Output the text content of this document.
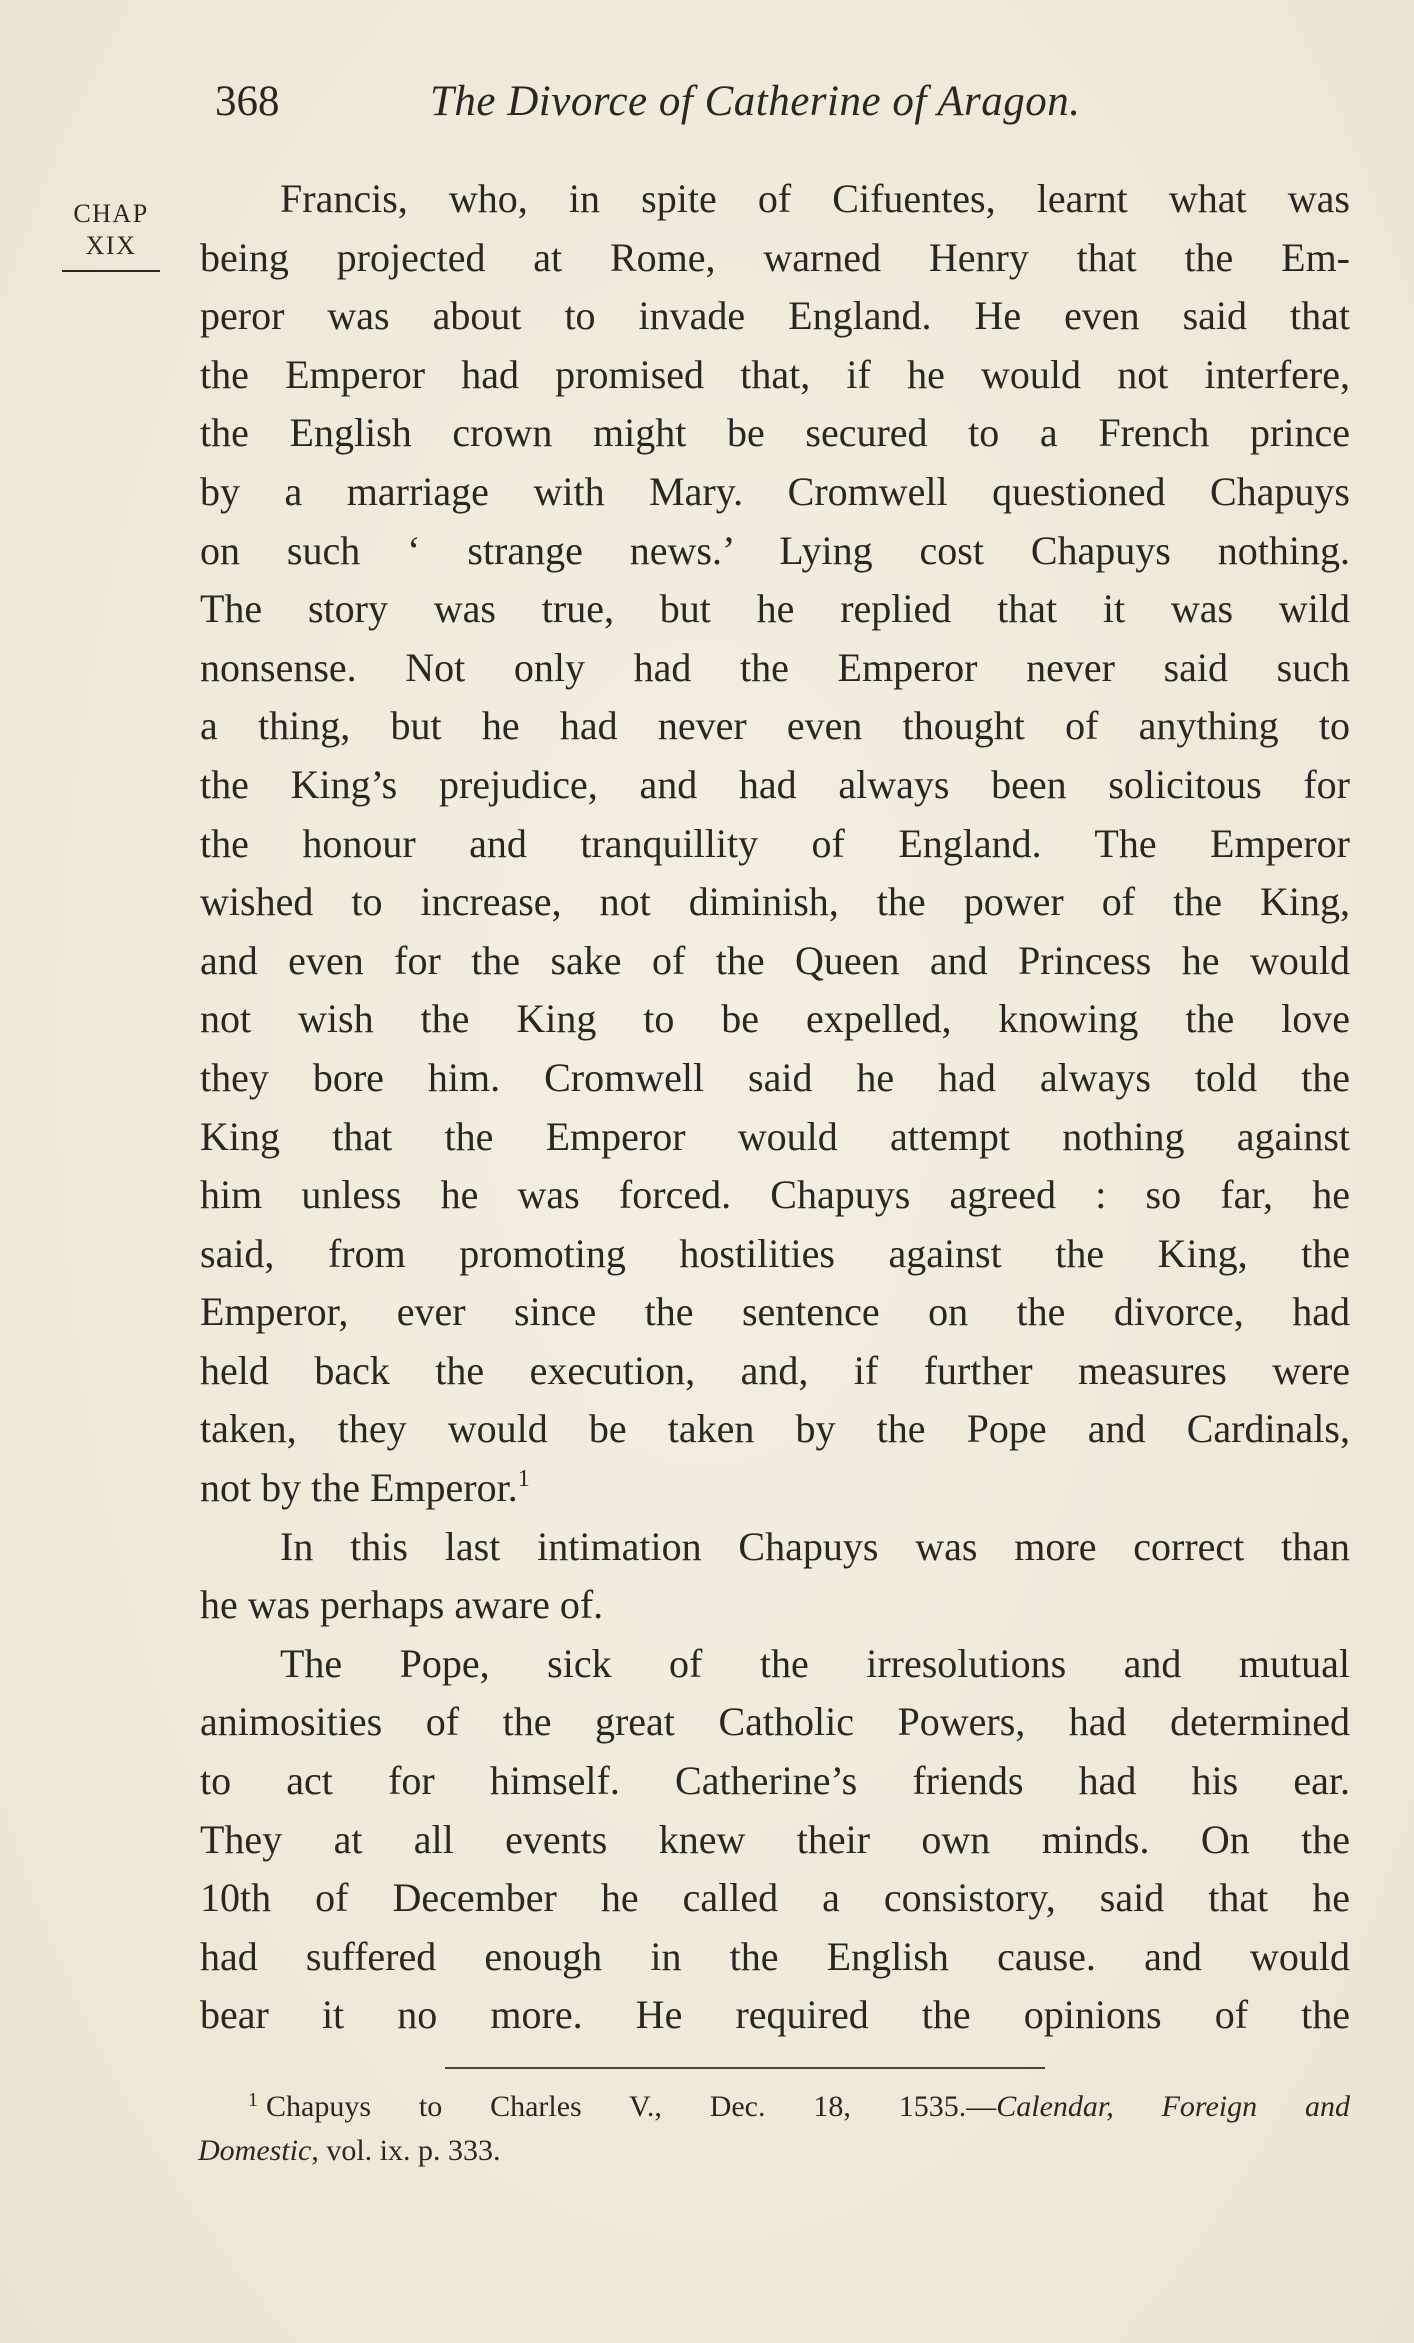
368	The Divorce of Catherine of Aragon.
CHAP
XIX
Francis, who, in spite of Cifuentes, learnt what was
being projected at Rome, warned Henry that the Em-
peror was about to invade England. He even said that
the Emperor had promised that, if he would not interfere,
the English crown might be secured to a French prince
by a marriage with Mary. Cromwell questioned Chapuys
on such ‘ strange news.’ Lying cost Chapuys nothing.
The story was true, but he replied that it was wild
nonsense. Not only had the Emperor never said such
a thing, but he had never even thought of anything to
the King’s prejudice, and had always been solicitous for
the honour and tranquillity of England. The Emperor
wished to increase, not diminish, the power of the King,
and even for the sake of the Queen and Princess he would
not wish the King to be expelled, knowing the love
they bore him. Cromwell said he had always told the
King that the Emperor would attempt nothing against
him unless he was forced. Chapuys agreed : so far, he
said, from promoting hostilities against the King, the
Emperor, ever since the sentence on the divorce, had
held back the execution, and, if further measures were
taken, they would be taken by the Pope and Cardinals,
not by the Emperor.$^1$
In this last intimation Chapuys was more correct than
he was perhaps aware of.
The Pope, sick of the irresolutions and mutual
animosities of the great Catholic Powers, had determined
to act for himself. Catherine’s friends had his ear.
They at all events knew their own minds. On the
10th of December he called a consistory, said that he
had suffered enough in the English cause. and would
bear it no more. He required the opinions of the
$^1$ Chapuys to Charles V., Dec. 18, 1535.—Calendar, Foreign and
Domestic, vol. ix. p. 333.
